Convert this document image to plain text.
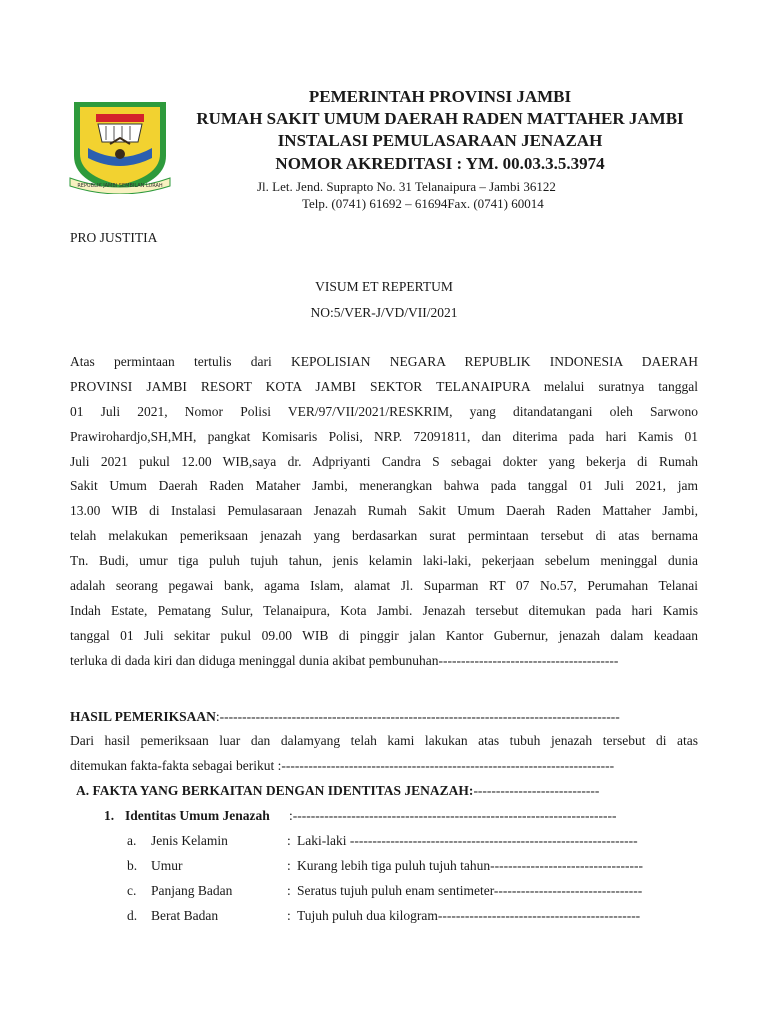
REPUBLIK JAMBI SEMBILAN LURAH
PEMERINTAH PROVINSI JAMBI
RUMAH SAKIT UMUM DAERAH RADEN MATTAHER JAMBI
INSTALASI PEMULASARAAN JENAZAH
NOMOR AKREDITASI : YM. 00.03.3.5.3974
Jl. Let. Jend. Suprapto No. 31 Telanaipura – Jambi 36122
Telp. (0741) 61692 – 61694Fax. (0741) 60014
PRO JUSTITIA
VISUM ET REPERTUM
NO:5/VER-J/VD/VII/2021
Atas permintaan tertulis dari KEPOLISIAN NEGARA REPUBLIK INDONESIA DAERAH
PROVINSI JAMBI RESORT KOTA JAMBI SEKTOR TELANAIPURA melalui suratnya tanggal
01 Juli 2021, Nomor Polisi VER/97/VII/2021/RESKRIM, yang ditandatangani oleh Sarwono
Prawirohardjo,SH,MH, pangkat Komisaris Polisi, NRP. 72091811, dan diterima pada hari Kamis 01
Juli 2021 pukul 12.00 WIB,saya dr. Adpriyanti Candra S sebagai dokter yang bekerja di Rumah
Sakit Umum Daerah Raden Mataher Jambi, menerangkan bahwa pada tanggal 01 Juli 2021, jam
13.00 WIB di Instalasi Pemulasaraan Jenazah Rumah Sakit Umum Daerah Raden Mattaher Jambi,
telah melakukan pemeriksaan jenazah yang berdasarkan surat permintaan tersebut di atas bernama
Tn. Budi, umur tiga puluh tujuh tahun, jenis kelamin laki-laki, pekerjaan sebelum meninggal dunia
adalah seorang pegawai bank, agama Islam, alamat Jl. Suparman RT 07 No.57, Perumahan Telanai
Indah Estate, Pematang Sulur, Telanaipura, Kota Jambi. Jenazah tersebut ditemukan pada hari Kamis
tanggal 01 Juli sekitar pukul 09.00 WIB di pinggir jalan Kantor Gubernur, jenazah dalam keadaan
terluka di dada kiri dan diduga meninggal dunia akibat pembunuhan----------------------------------------
HASIL PEMERIKSAAN:-----------------------------------------------------------------------------------------
Dari hasil pemeriksaan luar dan dalamyang telah kami lakukan atas tubuh jenazah tersebut di atas
ditemukan fakta-fakta sebagai berikut :--------------------------------------------------------------------------
A. FAKTA YANG BERKAITAN DENGAN IDENTITAS JENAZAH:----------------------------
1. Identitas Umum Jenazah :------------------------------------------------------------------------
a. Jenis Kelamin	: Laki-laki ----------------------------------------------------------------
b. Umur	: Kurang lebih tiga puluh tujuh tahun----------------------------------
c. Panjang Badan	: Seratus tujuh puluh enam sentimeter---------------------------------
d. Berat Badan	: Tujuh puluh dua kilogram---------------------------------------------
